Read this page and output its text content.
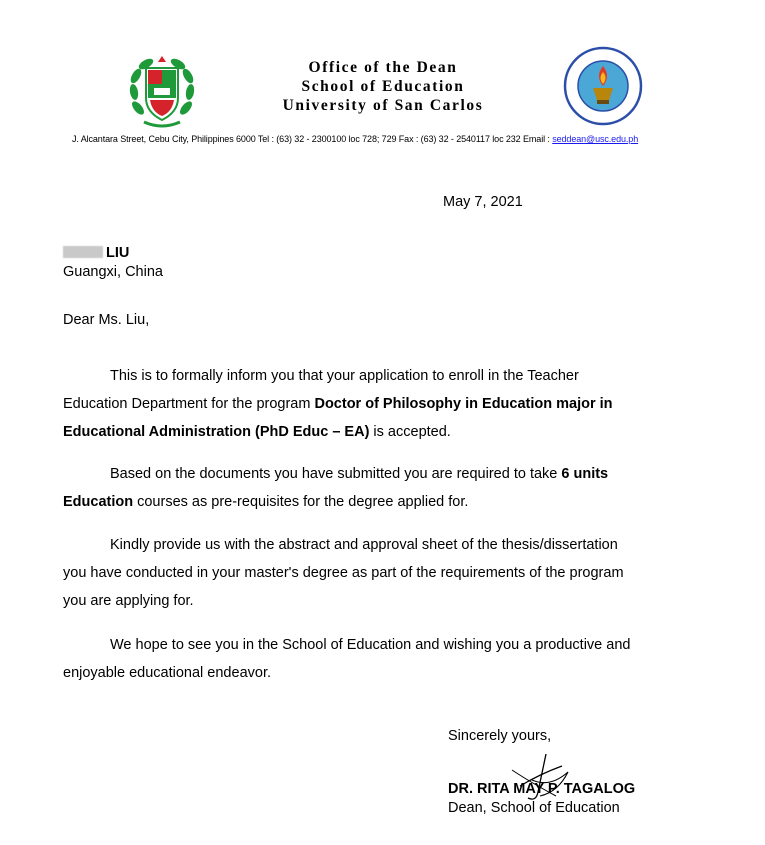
Office of the Dean
School of Education
University of San Carlos
J. Alcantara Street, Cebu City, Philippines 6000 Tel : (63) 32 - 2300100 loc 728; 729 Fax : (63) 32 - 2540117 loc 232 Email : seddean@usc.edu.ph
May 7, 2021
LIU
Guangxi, China
Dear Ms. Liu,
This is to formally inform you that your application to enroll in the Teacher
Education Department for the program Doctor of Philosophy in Education major in
Educational Administration (PhD Educ – EA) is accepted.
Based on the documents you have submitted you are required to take 6 units
Education courses as pre-requisites for the degree applied for.
Kindly provide us with the abstract and approval sheet of the thesis/dissertation
you have conducted in your master's degree as part of the requirements of the program
you are applying for.
We hope to see you in the School of Education and wishing you a productive and
enjoyable educational endeavor.
Sincerely yours,
DR. RITA MAY P. TAGALOG
Dean, School of Education
